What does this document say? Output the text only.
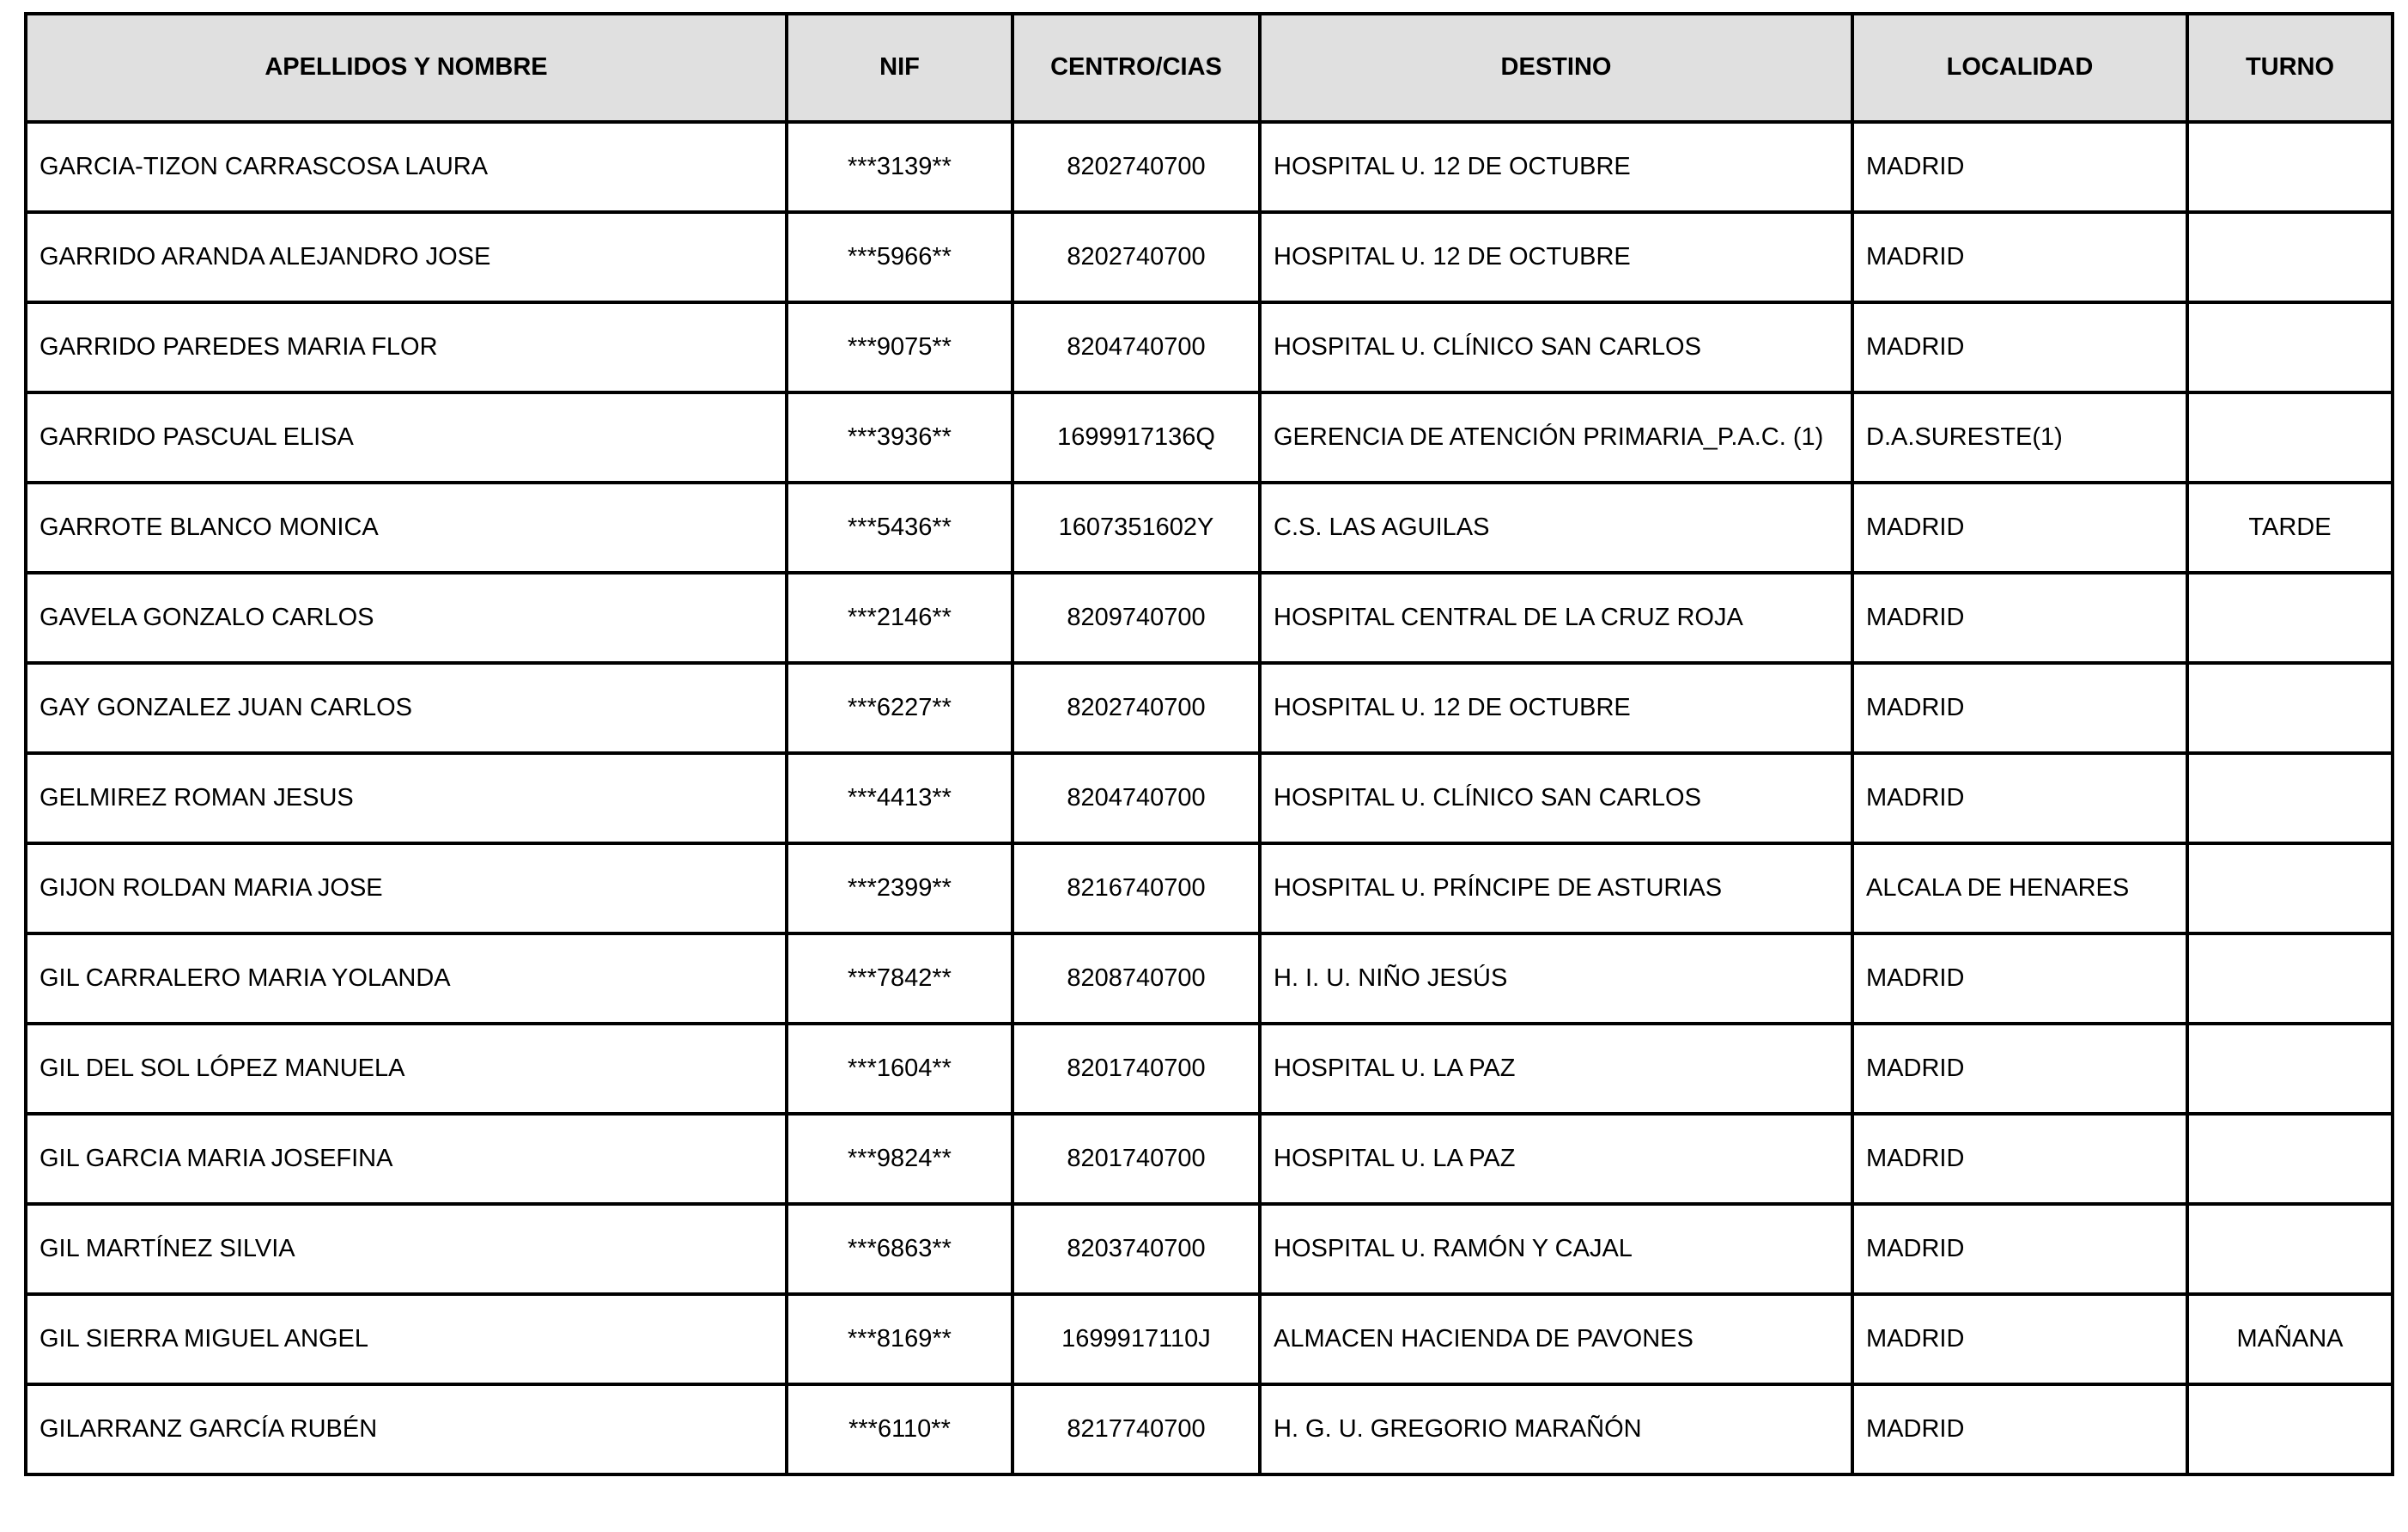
APELLIDOS Y NOMBRE	NIF	CENTRO/CIAS	DESTINO	LOCALIDAD	TURNO
GARCIA-TIZON CARRASCOSA LAURA	***3139**	8202740700	HOSPITAL U. 12 DE OCTUBRE	MADRID	
GARRIDO ARANDA ALEJANDRO JOSE	***5966**	8202740700	HOSPITAL U. 12 DE OCTUBRE	MADRID	
GARRIDO PAREDES MARIA FLOR	***9075**	8204740700	HOSPITAL U. CLÍNICO SAN CARLOS	MADRID	
GARRIDO PASCUAL ELISA	***3936**	1699917136Q	GERENCIA DE ATENCIÓN PRIMARIA_P.A.C. (1)	D.A.SURESTE(1)	
GARROTE BLANCO MONICA	***5436**	1607351602Y	C.S. LAS AGUILAS	MADRID	TARDE
GAVELA GONZALO CARLOS	***2146**	8209740700	HOSPITAL CENTRAL DE LA CRUZ ROJA	MADRID	
GAY GONZALEZ JUAN CARLOS	***6227**	8202740700	HOSPITAL U. 12 DE OCTUBRE	MADRID	
GELMIREZ ROMAN JESUS	***4413**	8204740700	HOSPITAL U. CLÍNICO SAN CARLOS	MADRID	
GIJON ROLDAN MARIA JOSE	***2399**	8216740700	HOSPITAL U. PRÍNCIPE DE ASTURIAS	ALCALA DE HENARES	
GIL CARRALERO MARIA YOLANDA	***7842**	8208740700	H. I. U. NIÑO JESÚS	MADRID	
GIL DEL SOL LÓPEZ MANUELA	***1604**	8201740700	HOSPITAL U. LA PAZ	MADRID	
GIL GARCIA MARIA JOSEFINA	***9824**	8201740700	HOSPITAL U. LA PAZ	MADRID	
GIL MARTÍNEZ SILVIA	***6863**	8203740700	HOSPITAL U. RAMÓN Y CAJAL	MADRID	
GIL SIERRA MIGUEL ANGEL	***8169**	1699917110J	ALMACEN HACIENDA DE PAVONES	MADRID	MAÑANA
GILARRANZ GARCÍA RUBÉN	***6110**	8217740700	H. G. U. GREGORIO MARAÑÓN	MADRID	
